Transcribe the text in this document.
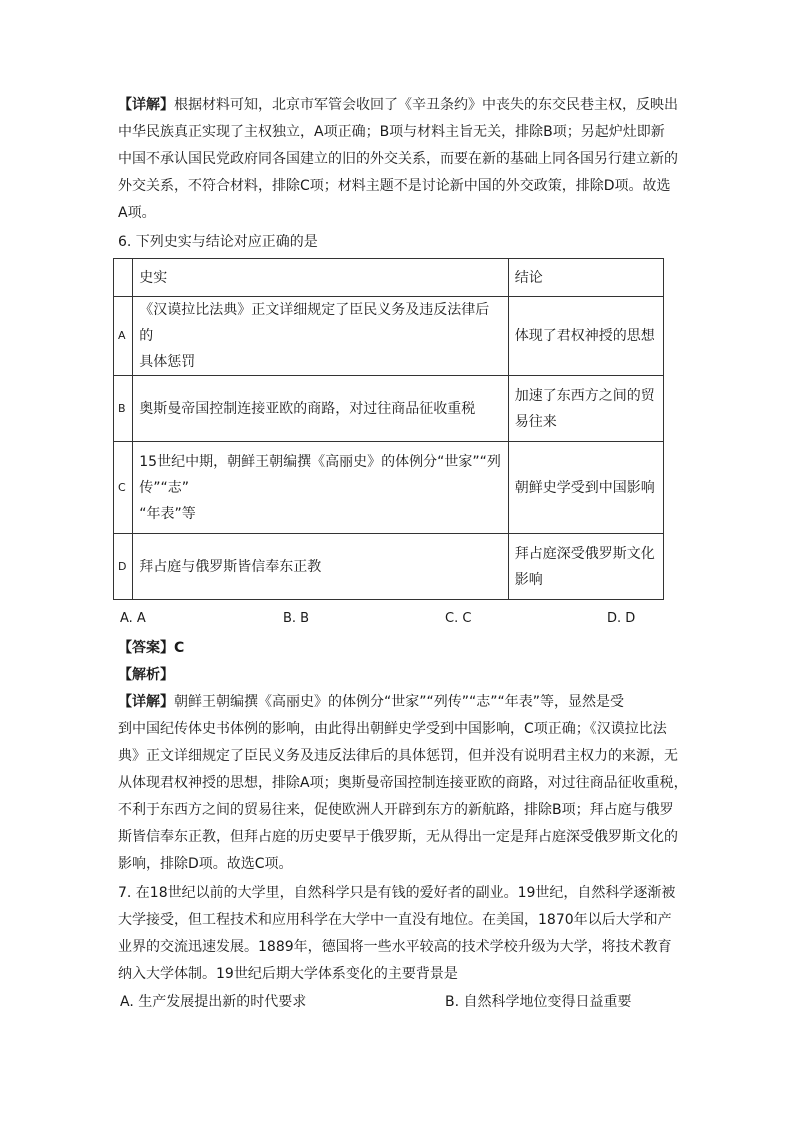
【详解】根据材料可知，北京市军管会收回了《辛丑条约》中丧失的东交民巷主权，反映出
中华民族真正实现了主权独立，A项正确；B项与材料主旨无关，排除B项；另起炉灶即新
中国不承认国民党政府同各国建立的旧的外交关系，而要在新的基础上同各国另行建立新的
外交关系，不符合材料，排除C项；材料主题不是讨论新中国的外交政策，排除D项。故选
A项。
6. 下列史实与结论对应正确的是
	史实	结论
A	《汉谟拉比法典》正文详细规定了臣民义务及违反法律后的
具体惩罚	体现了君权神授的思想

B	奥斯曼帝国控制连接亚欧的商路，对过往商品征收重税	加速了东西方之间的贸
易往来

C	15世纪中期，朝鲜王朝编撰《高丽史》的体例分“世家”“列
传”“志”
“年表”等	朝鲜史学受到中国影响

D	拜占庭与俄罗斯皆信奉东正教	拜占庭深受俄罗斯文化
影响
A. A	B. B	C. C	D. D
【答案】C
【解析】
【详解】朝鲜王朝编撰《高丽史》的体例分“世家”“列传”“志”“年表”等，显然是受
到中国纪传体史书体例的影响，由此得出朝鲜史学受到中国影响，C项正确；《汉谟拉比法
典》正文详细规定了臣民义务及违反法律后的具体惩罚，但并没有说明君主权力的来源，无
从体现君权神授的思想，排除A项；奥斯曼帝国控制连接亚欧的商路，对过往商品征收重税，
不利于东西方之间的贸易往来，促使欧洲人开辟到东方的新航路，排除B项；拜占庭与俄罗
斯皆信奉东正教，但拜占庭的历史要早于俄罗斯，无从得出一定是拜占庭深受俄罗斯文化的
影响，排除D项。故选C项。
7. 在18世纪以前的大学里，自然科学只是有钱的爱好者的副业。19世纪，自然科学逐渐被
大学接受，但工程技术和应用科学在大学中一直没有地位。在美国，1870年以后大学和产
业界的交流迅速发展。1889年，德国将一些水平较高的技术学校升级为大学，将技术教育
纳入大学体制。19世纪后期大学体系变化的主要背景是
A. 生产发展提出新的时代要求	B. 自然科学地位变得日益重要
